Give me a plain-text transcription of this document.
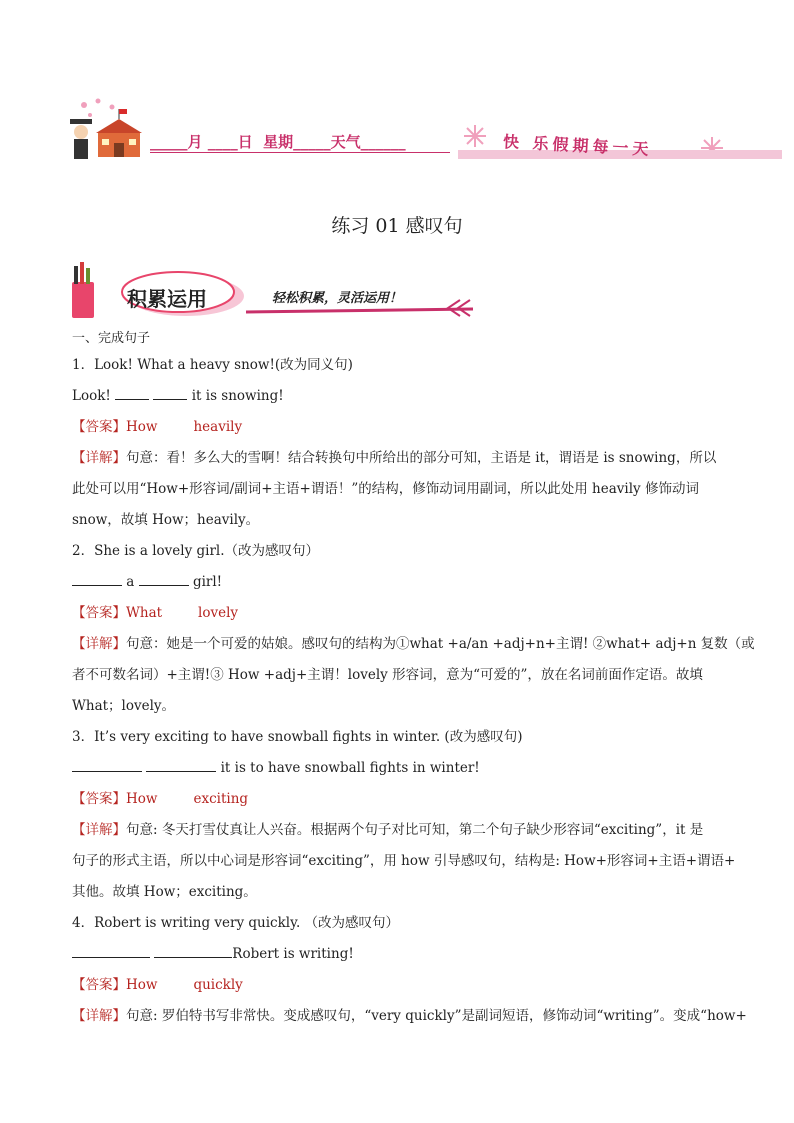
_____月 ____日  星期_____天气______	快 乐假期每一天
练习 01 感叹句
积累运用	轻松积累，灵活运用！
一、完成句子
1．Look! What a heavy snow!(改为同义句)
Look!	it is snowing!
【答案】How	heavily
【详解】句意：看！多么大的雪啊！结合转换句中所给出的部分可知，主语是 it，谓语是 is snowing，所以
此处可以用“How+形容词/副词+主语+谓语！”的结构，修饰动词用副词，所以此处用 heavily 修饰动词
snow，故填 How；heavily。
2．She is a lovely girl.（改为感叹句）
a	girl!
【答案】What	lovely
【详解】句意：她是一个可爱的姑娘。感叹句的结构为①what +a/an +adj+n+主谓! ②what+ adj+n 复数（或
者不可数名词）+主谓!③ How +adj+主谓！lovely 形容词，意为“可爱的”，放在名词前面作定语。故填
What；lovely。
3．It’s very exciting to have snowball fights in winter. (改为感叹句)
it is to have snowball fights in winter!
【答案】How	exciting
【详解】句意: 冬天打雪仗真让人兴奋。根据两个句子对比可知，第二个句子缺少形容词“exciting”，it 是
句子的形式主语，所以中心词是形容词“exciting”，用 how 引导感叹句，结构是: How+形容词+主语+谓语+
其他。故填 How；exciting。
4．Robert is writing very quickly. （改为感叹句）
Robert is writing!
【答案】How	quickly
【详解】句意: 罗伯特书写非常快。变成感叹句，“very quickly”是副词短语，修饰动词“writing”。变成“how+
